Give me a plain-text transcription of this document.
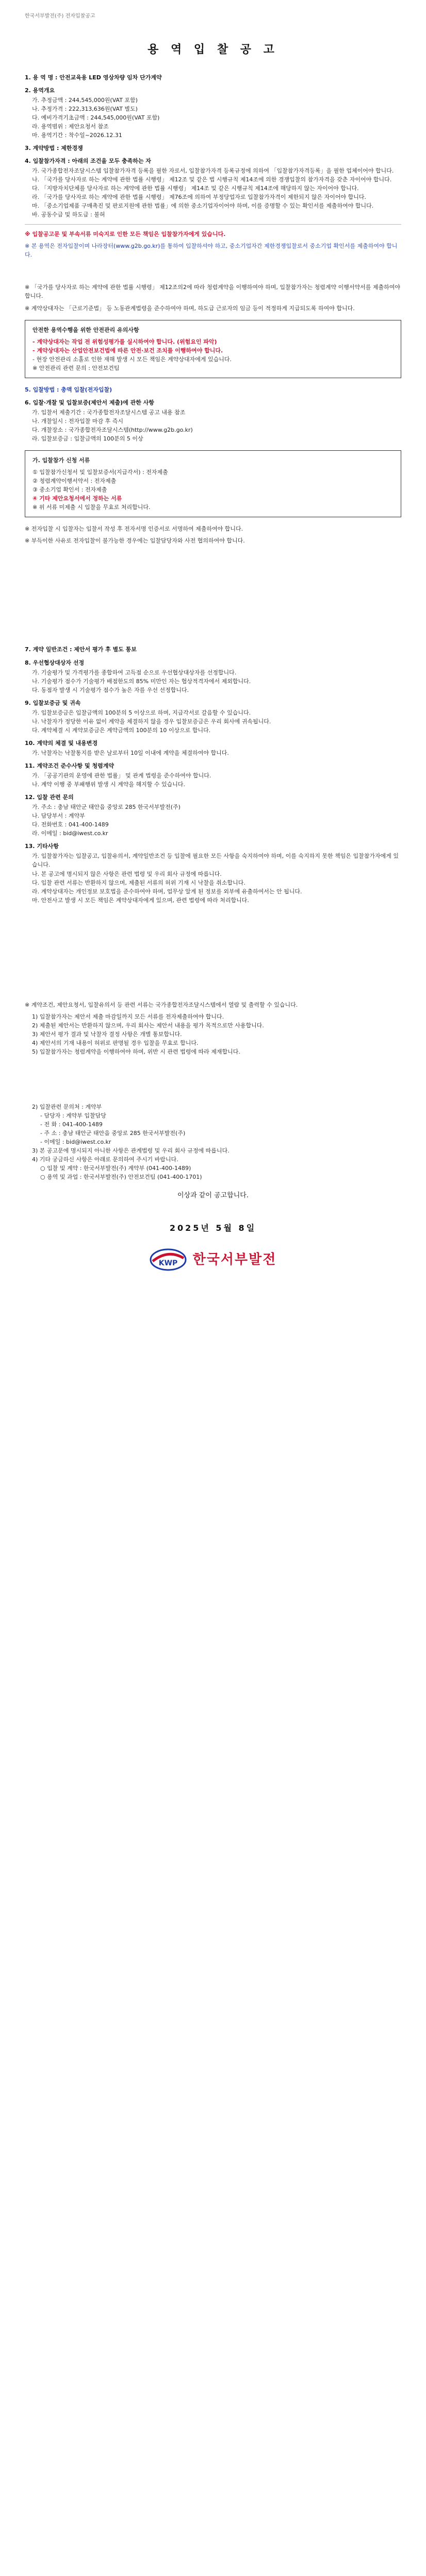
한국서부발전(주) 전자입찰공고
용 역 입 찰 공 고
1. 용 역 명 : 안전교육용 LED 영상차량 임차 단가계약
2. 용역개요
가. 추정금액 : 244,545,000원(VAT 포함)
나. 추정가격 : 222,313,636원(VAT 별도)
다. 예비가격기초금액 : 244,545,000원(VAT 포함)
라. 용역범위 : 제안요청서 참조
마. 용역기간 : 착수일~2026.12.31
3. 계약방법 : 제한경쟁
4. 입찰참가자격 : 아래의 조건을 모두 충족하는 자
가. 국가종합전자조달시스템 입찰참가자격 등록을 필한 자로서, 입찰참가자격 등록규정에 의하여 「입찰참가자격등록」을 필한 업체이어야 합니다.
나. 「국가를 당사자로 하는 계약에 관한 법률 시행령」 제12조 및 같은 법 시행규칙 제14조에 의한 경쟁입찰의 참가자격을 갖춘 자이어야 합니다.
다. 「지방자치단체를 당사자로 하는 계약에 관한 법률 시행령」 제14조 및 같은 시행규칙 제14조에 해당하지 않는 자이어야 합니다.
라. 「국가를 당사자로 하는 계약에 관한 법률 시행령」 제76조에 의하여 부정당업자로 입찰참가자격이 제한되지 않은 자이어야 합니다.
마. 「중소기업제품 구매촉진 및 판로지원에 관한 법률」에 의한 중소기업자이어야 하며, 이를 증명할 수 있는 확인서를 제출하여야 합니다.
바. 공동수급 및 하도급 : 불허

※ 입찰공고문 및 부속서류 미숙지로 인한 모든 책임은 입찰참가자에게 있습니다.

※ 본 용역은 전자입찰이며 나라장터(www.g2b.go.kr)를 통하여 입찰하셔야 하고, 중소기업자간 제한경쟁입찰로서 중소기업 확인서를 제출하여야 합니다.

※ 「국가를 당사자로 하는 계약에 관한 법률 시행령」 제12조의2에 따라 청렴계약을 이행하여야 하며, 입찰참가자는 청렴계약 이행서약서를 제출하여야 합니다.

※ 계약상대자는 「근로기준법」 등 노동관계법령을 준수하여야 하며, 하도급 근로자의 임금 등이 적정하게 지급되도록 하여야 합니다.

안전한 용역수행을 위한 안전관리 유의사항
- 계약상대자는 작업 전 위험성평가를 실시하여야 합니다. (위험요인 파악)
- 계약상대자는 산업안전보건법에 따른 안전·보건 조치를 이행하여야 합니다.
- 현장 안전관리 소홀로 인한 재해 발생 시 모든 책임은 계약상대자에게 있습니다.
※ 안전관리 관련 문의 : 안전보건팀
5. 입찰방법 : 총액 입찰(전자입찰)
6. 입찰·개찰 및 입찰보증(제안서 제출)에 관한 사항
가. 입찰서 제출기간 : 국가종합전자조달시스템 공고 내용 참조
나. 개찰일시 : 전자입찰 마감 후 즉시
다. 개찰장소 : 국가종합전자조달시스템(http://www.g2b.go.kr)
라. 입찰보증금 : 입찰금액의 100분의 5 이상
가. 입찰참가 신청 서류
① 입찰참가신청서 및 입찰보증서(지급각서) : 전자제출
② 청렴계약이행서약서 : 전자제출
③ 중소기업 확인서 : 전자제출
④ 기타 제안요청서에서 정하는 서류
※ 위 서류 미제출 시 입찰을 무효로 처리합니다.

※ 전자입찰 시 입찰자는 입찰서 작성 후 전자서명 인증서로 서명하여 제출하여야 합니다.

※ 부득이한 사유로 전자입찰이 불가능한 경우에는 입찰담당자와 사전 협의하여야 합니다.

7. 계약 일반조건 : 제안서 평가 후 별도 통보
8. 우선협상대상자 선정
가. 기술평가 및 가격평가를 종합하여 고득점 순으로 우선협상대상자를 선정합니다.
나. 기술평가 점수가 기술평가 배점한도의 85% 미만인 자는 협상적격자에서 제외합니다.
다. 동점자 발생 시 기술평가 점수가 높은 자를 우선 선정합니다.
9. 입찰보증금 및 귀속
가. 입찰보증금은 입찰금액의 100분의 5 이상으로 하며, 지급각서로 갈음할 수 있습니다.
나. 낙찰자가 정당한 이유 없이 계약을 체결하지 않을 경우 입찰보증금은 우리 회사에 귀속됩니다.
다. 계약체결 시 계약보증금은 계약금액의 100분의 10 이상으로 합니다.
10. 계약의 체결 및 내용변경
가. 낙찰자는 낙찰통지를 받은 날로부터 10일 이내에 계약을 체결하여야 합니다.
11. 계약조건 준수사항 및 청렴계약
가. 「공공기관의 운영에 관한 법률」 및 관계 법령을 준수하여야 합니다.
나. 계약 이행 중 부패행위 발생 시 계약을 해지할 수 있습니다.
12. 입찰 관련 문의
가. 주소 : 충남 태안군 태안읍 중앙로 285 한국서부발전(주)
나. 담당부서 : 계약부
다. 전화번호 : 041-400-1489
라. 이메일 : bid@iwest.co.kr
13. 기타사항
가. 입찰참가자는 입찰공고, 입찰유의서, 계약일반조건 등 입찰에 필요한 모든 사항을 숙지하여야 하며, 이를 숙지하지 못한 책임은 입찰참가자에게 있습니다.
나. 본 공고에 명시되지 않은 사항은 관련 법령 및 우리 회사 규정에 따릅니다.
다. 입찰 관련 서류는 반환하지 않으며, 제출된 서류의 허위 기재 시 낙찰을 취소합니다.
라. 계약상대자는 개인정보 보호법을 준수하여야 하며, 업무상 알게 된 정보를 외부에 유출하여서는 안 됩니다.
마. 안전사고 발생 시 모든 책임은 계약상대자에게 있으며, 관련 법령에 따라 처리합니다.

※ 계약조건, 제안요청서, 입찰유의서 등 관련 서류는 국가종합전자조달시스템에서 열람 및 출력할 수 있습니다.

1) 입찰참가자는 제안서 제출 마감일까지 모든 서류를 전자제출하여야 합니다.
2) 제출된 제안서는 반환하지 않으며, 우리 회사는 제안서 내용을 평가 목적으로만 사용합니다.
3) 제안서 평가 결과 및 낙찰자 결정 사항은 개별 통보합니다.
4) 제안서의 기재 내용이 허위로 판명될 경우 입찰을 무효로 합니다.
5) 입찰참가자는 청렴계약을 이행하여야 하며, 위반 시 관련 법령에 따라 제재합니다.
2) 입찰관련 문의처 : 계약부
- 담당자 : 계약부 입찰담당
- 전 화 : 041-400-1489
- 주 소 : 충남 태안군 태안읍 중앙로 285 한국서부발전(주)
- 이메일 : bid@iwest.co.kr
3) 본 공고문에 명시되지 아니한 사항은 관계법령 및 우리 회사 규정에 따릅니다.
4) 기타 궁금하신 사항은 아래로 문의하여 주시기 바랍니다.
○ 입찰 및 계약 : 한국서부발전(주) 계약부 (041-400-1489)
○ 용역 및 과업 : 한국서부발전(주) 안전보건팀 (041-400-1701)
이상과 같이 공고합니다.
2025년 5월 8일
KWP 한국서부발전
